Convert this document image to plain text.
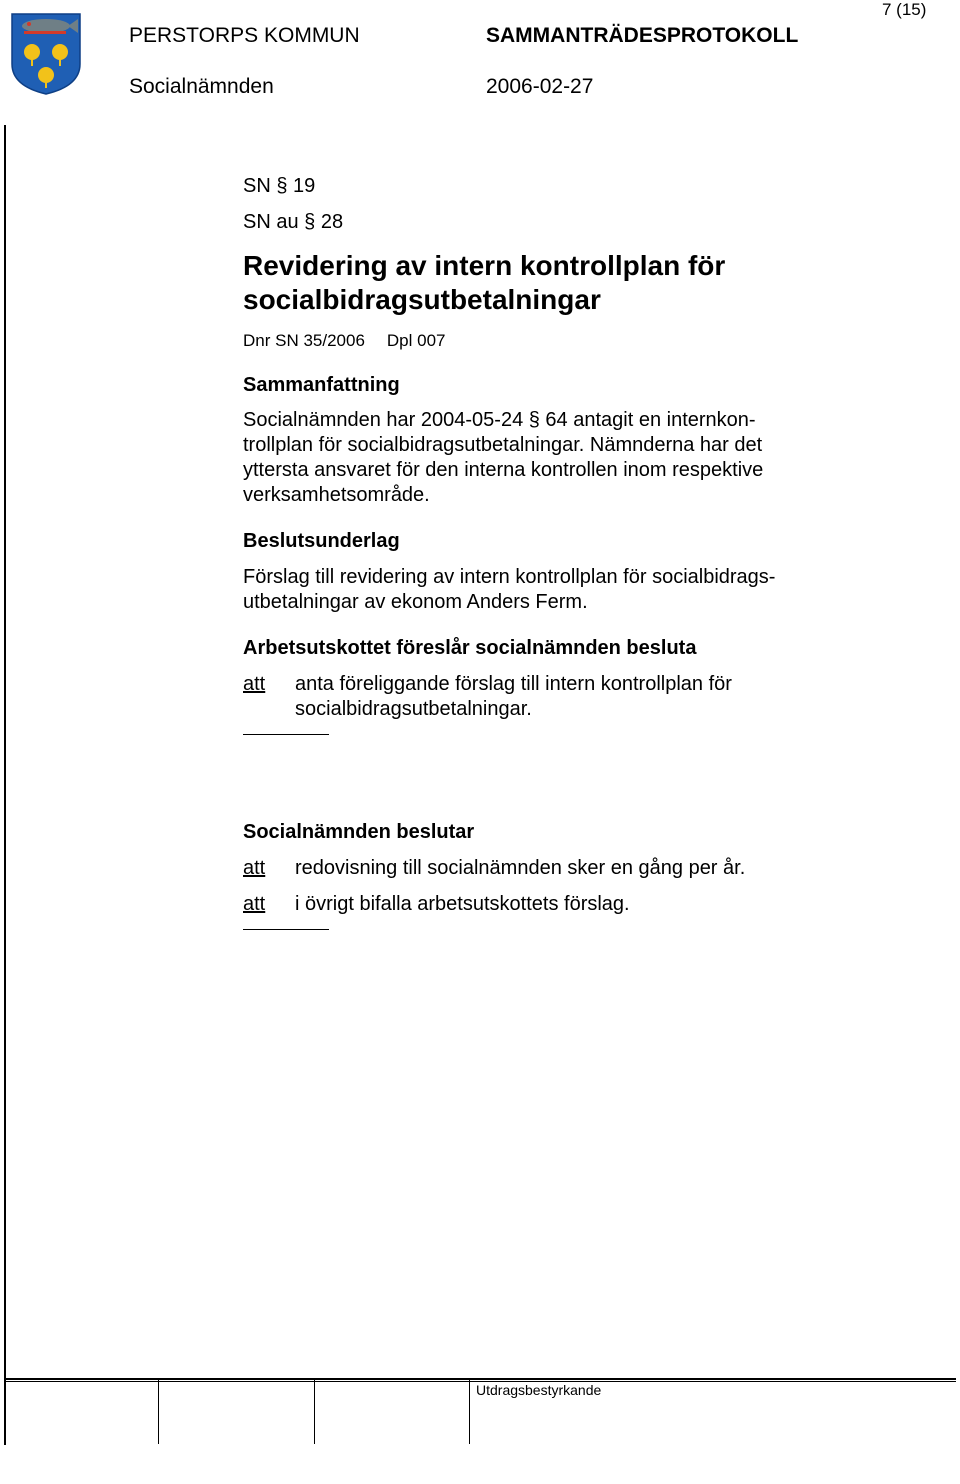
7 (15)
PERSTORPS KOMMUN	SAMMANTRÄDESPROTOKOLL
Socialnämnden	2006-02-27
SN § 19
SN au § 28
Revidering av intern kontrollplan för
socialbidragsutbetalningar
Dnr SN 35/2006 Dpl 007
Sammanfattning
Socialnämnden har 2004-05-24 § 64 antagit en internkon-
trollplan för socialbidragsutbetalningar. Nämnderna har det
yttersta ansvaret för den interna kontrollen inom respektive
verksamhetsområde.
Beslutsunderlag
Förslag till revidering av intern kontrollplan för socialbidrags-
utbetalningar av ekonom Anders Ferm.
Arbetsutskottet föreslår socialnämnden besluta
att	anta föreliggande förslag till intern kontrollplan för
socialbidragsutbetalningar.
Socialnämnden beslutar
att	redovisning till socialnämnden sker en gång per år.
att	i övrigt bifalla arbetsutskottets förslag.
Utdragsbestyrkande
